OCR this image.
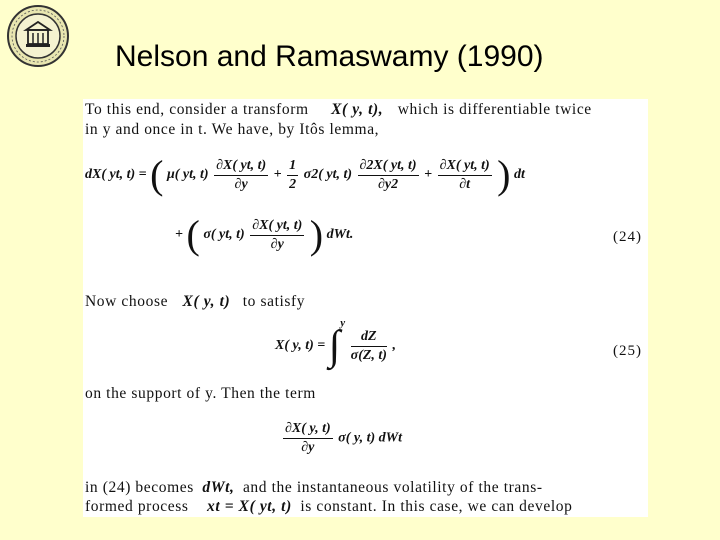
Nelson and Ramaswamy (1990)
To this end, consider a transform X( y, t), which is differentiable twice
in y and once in t. We have, by Itôs lemma,
dX( yt, t) = ( μ( yt, $t) \frac{\partial X( yt, t)}{\partial y} + \frac{1}{2} \sigma 2$( yt, $t) \frac{\partial 2X( yt, t)}{\partial y2} + \frac{\partial X( yt, t)}{\partial t}$ ) dt
+ ( σ( yt, $t) \frac{\partial X( yt, t)}{\partial y}$ ) dWt.	(24)
Now choose X( y, t) to satisfy
X( y, t) = ∫$^y$
$\frac{dZ}{\sigma(Z, t)}$ ,	(25)
on the support of y. Then the term
$\frac{\partial X( y, t)}{\partial y} \sigma$( y, t) dWt
in (24) becomes dWt, and the instantaneous volatility of the trans-
formed process xt = X( yt, t) is constant. In this case, we can develop
